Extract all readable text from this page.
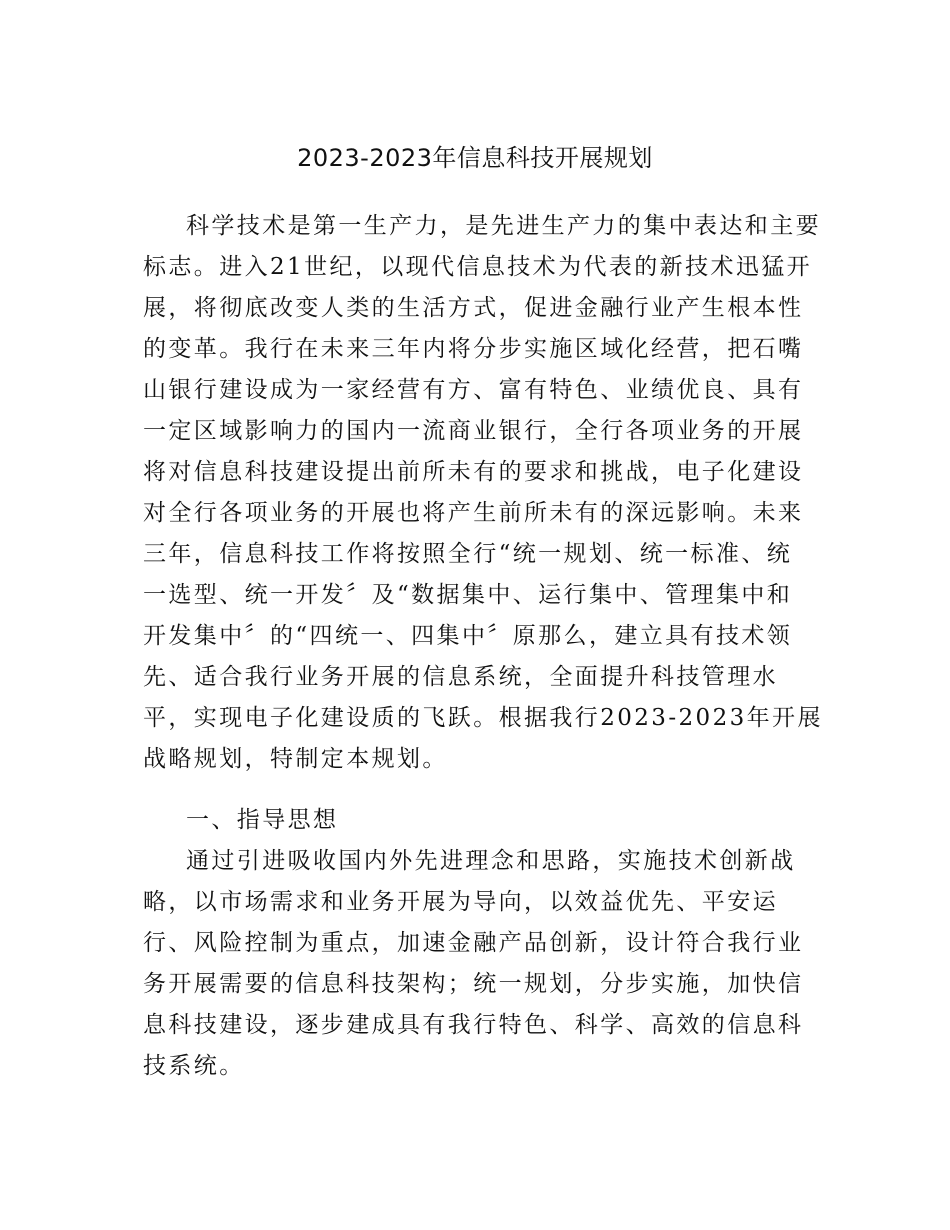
2023-2023年信息科技开展规划
科学技术是第一生产力，是先进生产力的集中表达和主要
标志。进入21世纪，以现代信息技术为代表的新技术迅猛开
展，将彻底改变人类的生活方式，促进金融行业产生根本性
的变革。我行在未来三年内将分步实施区域化经营，把石嘴
山银行建设成为一家经营有方、富有特色、业绩优良、具有
一定区域影响力的国内一流商业银行，全行各项业务的开展
将对信息科技建设提出前所未有的要求和挑战，电子化建设
对全行各项业务的开展也将产生前所未有的深远影响。未来
三年，信息科技工作将按照全行“统一规划、统一标准、统
一选型、统一开发〞及“数据集中、运行集中、管理集中和
开发集中〞的“四统一、四集中〞原那么，建立具有技术领
先、适合我行业务开展的信息系统，全面提升科技管理水
平，实现电子化建设质的飞跃。根据我行2023-2023年开展
战略规划，特制定本规划。
一、指导思想
通过引进吸收国内外先进理念和思路，实施技术创新战
略，以市场需求和业务开展为导向，以效益优先、平安运
行、风险控制为重点，加速金融产品创新，设计符合我行业
务开展需要的信息科技架构；统一规划，分步实施，加快信
息科技建设，逐步建成具有我行特色、科学、高效的信息科
技系统。
